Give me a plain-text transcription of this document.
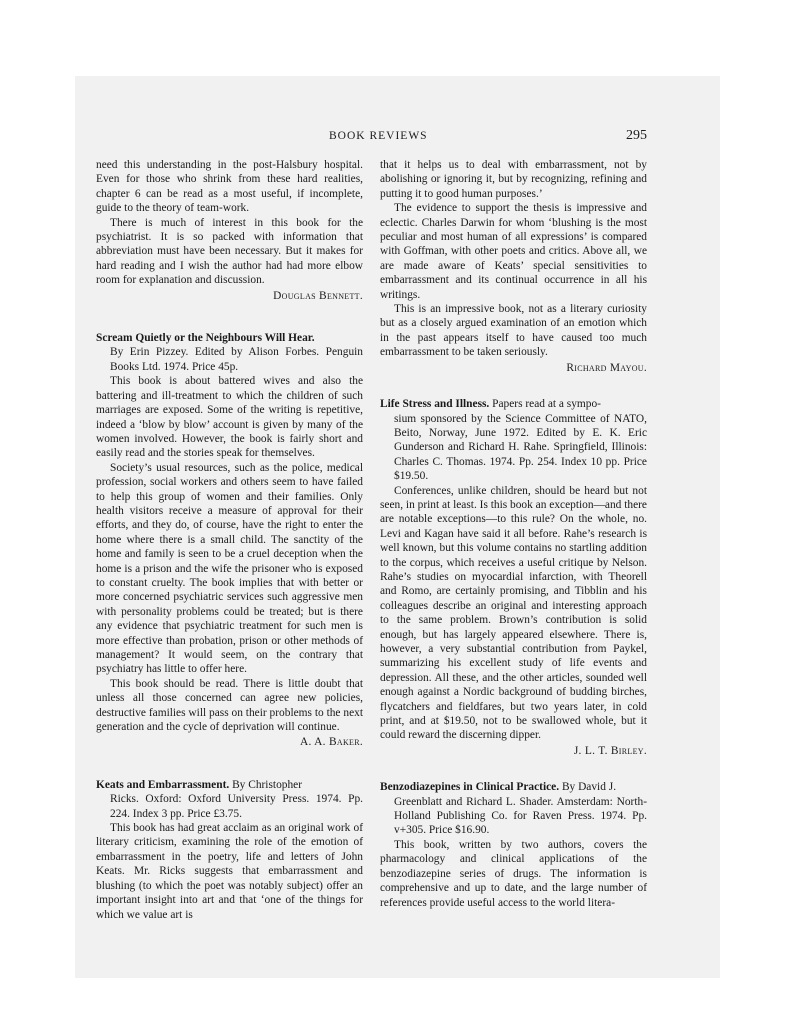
BOOK REVIEWS	295

need this understanding in the post-Halsbury hospital. Even for those who shrink from these hard realities, chapter 6 can be read as a most useful, if incomplete, guide to the theory of team-work.

There is much of interest in this book for the psychiatrist. It is so packed with information that abbreviation must have been necessary. But it makes for hard reading and I wish the author had had more elbow room for explanation and discussion.

Douglas Bennett.

Scream Quietly or the Neighbours Will Hear.

By Erin Pizzey. Edited by Alison Forbes. Penguin Books Ltd. 1974. Price 45p.

This book is about battered wives and also the battering and ill-treatment to which the children of such marriages are exposed. Some of the writing is repetitive, indeed a ‘blow by blow’ account is given by many of the women involved. However, the book is fairly short and easily read and the stories speak for themselves.

Society’s usual resources, such as the police, medical profession, social workers and others seem to have failed to help this group of women and their families. Only health visitors receive a measure of approval for their efforts, and they do, of course, have the right to enter the home where there is a small child. The sanctity of the home and family is seen to be a cruel deception when the home is a prison and the wife the prisoner who is exposed to constant cruelty. The book implies that with better or more concerned psychiatric services such aggressive men with personality problems could be treated; but is there any evidence that psychiatric treatment for such men is more effective than probation, prison or other methods of management? It would seem, on the contrary that psychiatry has little to offer here.

This book should be read. There is little doubt that unless all those concerned can agree new policies, destructive families will pass on their problems to the next generation and the cycle of deprivation will continue.

A. A. Baker.

Keats and Embarrassment. By Christopher

Ricks. Oxford: Oxford University Press. 1974. Pp. 224. Index 3 pp. Price £3.75.

This book has had great acclaim as an original work of literary criticism, examining the role of the emotion of embarrassment in the poetry, life and letters of John Keats. Mr. Ricks suggests that embarrassment and blushing (to which the poet was notably subject) offer an important insight into art and that ‘one of the things for which we value art is

that it helps us to deal with embarrassment, not by abolishing or ignoring it, but by recognizing, refining and putting it to good human purposes.’

The evidence to support the thesis is impressive and eclectic. Charles Darwin for whom ‘blushing is the most peculiar and most human of all expressions’ is compared with Goffman, with other poets and critics. Above all, we are made aware of Keats’ special sensitivities to embarrassment and its continual occurrence in all his writings.

This is an impressive book, not as a literary curiosity but as a closely argued examination of an emotion which in the past appears itself to have caused too much embarrassment to be taken seriously.

Richard Mayou.

Life Stress and Illness. Papers read at a sympo-

sium sponsored by the Science Committee of NATO, Beito, Norway, June 1972. Edited by E. K. Eric Gunderson and Richard H. Rahe. Springfield, Illinois: Charles C. Thomas. 1974. Pp. 254. Index 10 pp. Price $19.50.

Conferences, unlike children, should be heard but not seen, in print at least. Is this book an exception—and there are notable exceptions—to this rule? On the whole, no. Levi and Kagan have said it all before. Rahe’s research is well known, but this volume contains no startling addition to the corpus, which receives a useful critique by Nelson. Rahe’s studies on myocardial infarction, with Theorell and Romo, are certainly promising, and Tibblin and his colleagues describe an original and interesting approach to the same problem. Brown’s contribution is solid enough, but has largely appeared elsewhere. There is, however, a very substantial contribution from Paykel, summarizing his excellent study of life events and depression. All these, and the other articles, sounded well enough against a Nordic background of budding birches, flycatchers and fieldfares, but two years later, in cold print, and at $19.50, not to be swallowed whole, but it could reward the discerning dipper.

J. L. T. Birley.

Benzodiazepines in Clinical Practice. By David J.

Greenblatt and Richard L. Shader. Amsterdam: North-Holland Publishing Co. for Raven Press. 1974. Pp. v+305. Price $16.90.

This book, written by two authors, covers the pharmacology and clinical applications of the benzodiazepine series of drugs. The information is comprehensive and up to date, and the large number of references provide useful access to the world litera-
